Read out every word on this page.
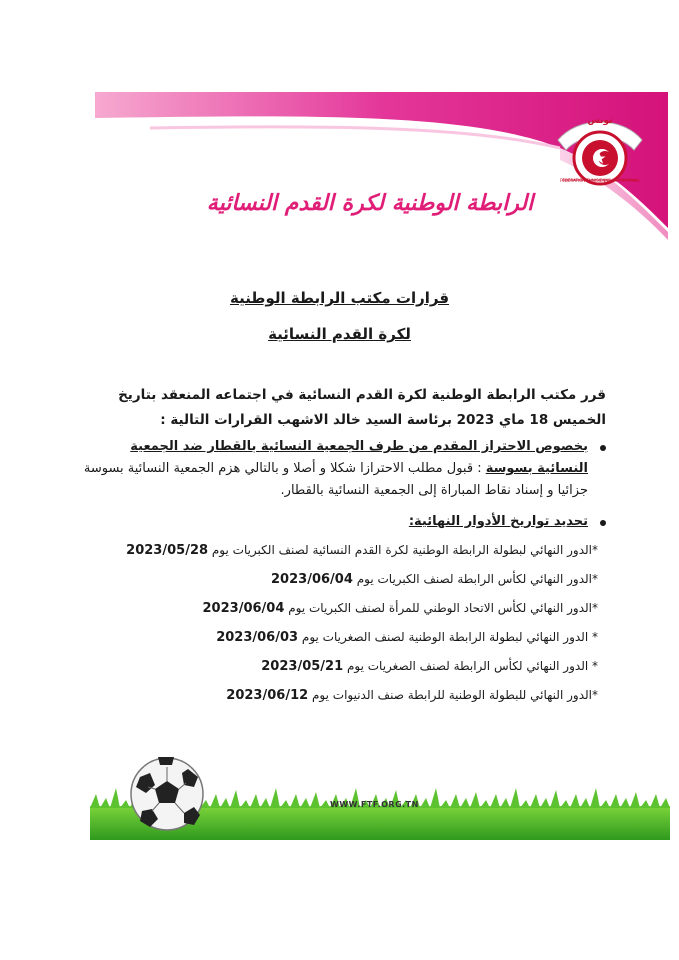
تونس
FÉDÉRATION TUNISIENNE DE FOOTBALL
الرابطة الوطنية لكرة القدم النسائية
قرارات مكتب الرابطة الوطنية
لكرة القدم النسائية
قرر مكتب الرابطة الوطنية لكرة القدم النسائية في اجتماعه المنعقد بتاريخ الخميس 18 ماي 2023 برئاسة السيد خالد الاشهب القرارات التالية :
بخصوص الاحتراز المقدم من طرف الجمعية النسائية بالقطار ضد الجمعية النسائية بسوسة : قبول مطلب الاحترازا شكلا و أصلا و بالتالي هزم الجمعية النسائية بسوسة جزائيا و إسناد نقاط المباراة إلى الجمعية النسائية بالقطار.
تحديد تواريخ الأدوار النهائية:
*الدور النهائي لبطولة الرابطة الوطنية لكرة القدم النسائية لصنف الكبريات يوم 2023/05/28
*الدور النهائي لكأس الرابطة لصنف الكبريات يوم 2023/06/04
*الدور النهائي لكأس الاتحاد الوطني للمرأة لصنف الكبريات يوم 2023/06/04
* الدور النهائي لبطولة الرابطة الوطنية لصنف الصغريات يوم 2023/06/03
* الدور النهائي لكأس الرابطة لصنف الصغريات يوم 2023/05/21
*الدور النهائي للبطولة الوطنية للرابطة صنف الدنيوات يوم 2023/06/12
WWW.FTF.ORG.TN
